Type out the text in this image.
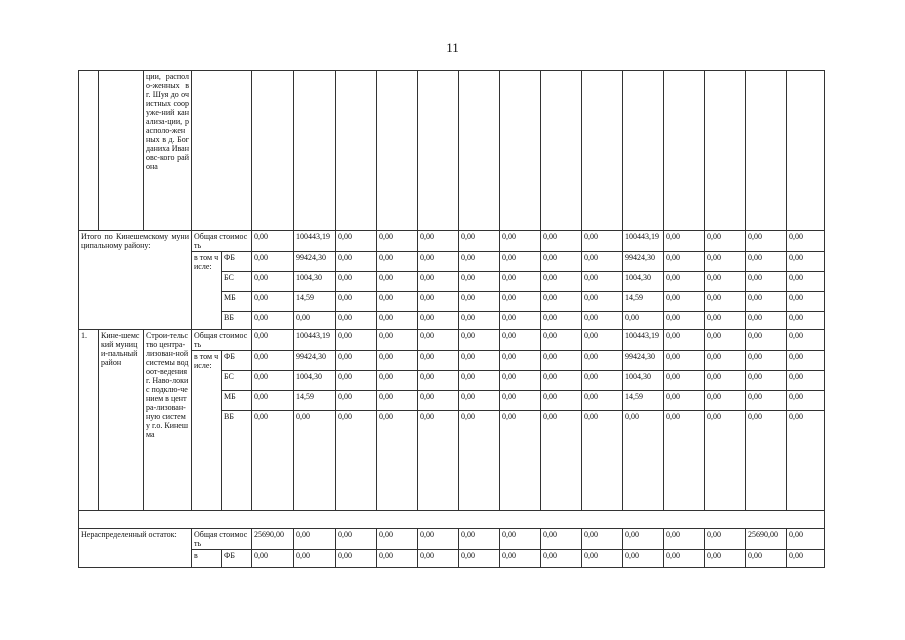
11
		ции, располо-женных в г. Шуя до очистных сооруже-ний канализа-ции, располо-женных в д. Богданиха Ивановс-кого района																
Итого по Кинешемскому муниципальному району:			Общая стоимость		0,00	100443,19	0,00	0,00	0,00	0,00	0,00	0,00	0,00	100443,19	0,00	0,00	0,00	0,00
			в том числе:	ФБ	0,00	99424,30	0,00	0,00	0,00	0,00	0,00	0,00	0,00	99424,30	0,00	0,00	0,00	0,00
				БС	0,00	1004,30	0,00	0,00	0,00	0,00	0,00	0,00	0,00	1004,30	0,00	0,00	0,00	0,00
				МБ	0,00	14,59	0,00	0,00	0,00	0,00	0,00	0,00	0,00	14,59	0,00	0,00	0,00	0,00
				ВБ	0,00	0,00	0,00	0,00	0,00	0,00	0,00	0,00	0,00	0,00	0,00	0,00	0,00	0,00
1.	Кине-шемский муници-пальный район	Строи-тельство центра-лизован-ной системы водоот-ведения г. Наво-локи с подклю-чением в центра-лизован-ную систему г.о. Кинешма	Общая стоимость		0,00	100443,19	0,00	0,00	0,00	0,00	0,00	0,00	0,00	100443,19	0,00	0,00	0,00	0,00
			в том числе:	ФБ	0,00	99424,30	0,00	0,00	0,00	0,00	0,00	0,00	0,00	99424,30	0,00	0,00	0,00	0,00
				БС	0,00	1004,30	0,00	0,00	0,00	0,00	0,00	0,00	0,00	1004,30	0,00	0,00	0,00	0,00
				МБ	0,00	14,59	0,00	0,00	0,00	0,00	0,00	0,00	0,00	14,59	0,00	0,00	0,00	0,00
				ВБ	0,00	0,00	0,00	0,00	0,00	0,00	0,00	0,00	0,00	0,00	0,00	0,00	0,00	0,00

Нераспределенный остаток:			Общая стоимость		25690,00	0,00	0,00	0,00	0,00	0,00	0,00	0,00	0,00	0,00	0,00	0,00	25690,00	0,00
			в	ФБ	0,00	0,00	0,00	0,00	0,00	0,00	0,00	0,00	0,00	0,00	0,00	0,00	0,00	0,00
